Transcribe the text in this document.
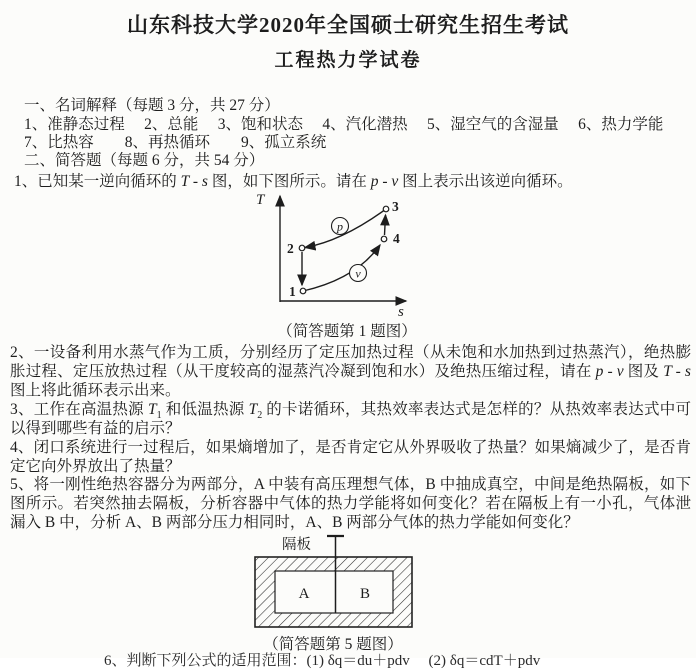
山东科技大学2020年全国硕士研究生招生考试
工程热力学试卷
一、名词解释（每题 3 分，共 27 分）
1、准静态过程　 2、总能　 3、饱和状态　 4、汽化潜热　 5、湿空气的含湿量　 6、热力学能
7、比热容　　8、再热循环　　9、孤立系统
二、简答题（每题 6 分，共 54 分）
1、已知某一逆向循环的 T - s 图，如下图所示。请在 p - v 图上表示出该逆向循环。
T
s
p
v
2
1
3
4
（简答题第 1 题图）
2、一设备利用水蒸气作为工质，分别经历了定压加热过程（从未饱和水加热到过热蒸汽），绝热膨胀过程、定压放热过程（从干度较高的湿蒸汽冷凝到饱和水）及绝热压缩过程，请在 p - v 图及 T - s 图上将此循环表示出来。
3、工作在高温热源 $T_1$ 和低温热源 $T_2$ 的卡诺循环，其热效率表达式是怎样的？从热效率表达式中可以得到哪些有益的启示？
4、闭口系统进行一过程后，如果熵增加了，是否肯定它从外界吸收了热量？如果熵减少了，是否肯定它向外界放出了热量？
5、将一刚性绝热容器分为两部分，A 中装有高压理想气体，B 中抽成真空，中间是绝热隔板，如下图所示。若突然抽去隔板，分析容器中气体的热力学能将如何变化？若在隔板上有一小孔，气体泄漏入 B 中，分析 A、B 两部分压力相同时，A、B 两部分气体的热力学能如何变化？
隔板
A	B
（简答题第 5 题图）
6、判断下列公式的适用范围：(1) δq＝du＋pdv　 (2) δq＝cdT＋pdv
